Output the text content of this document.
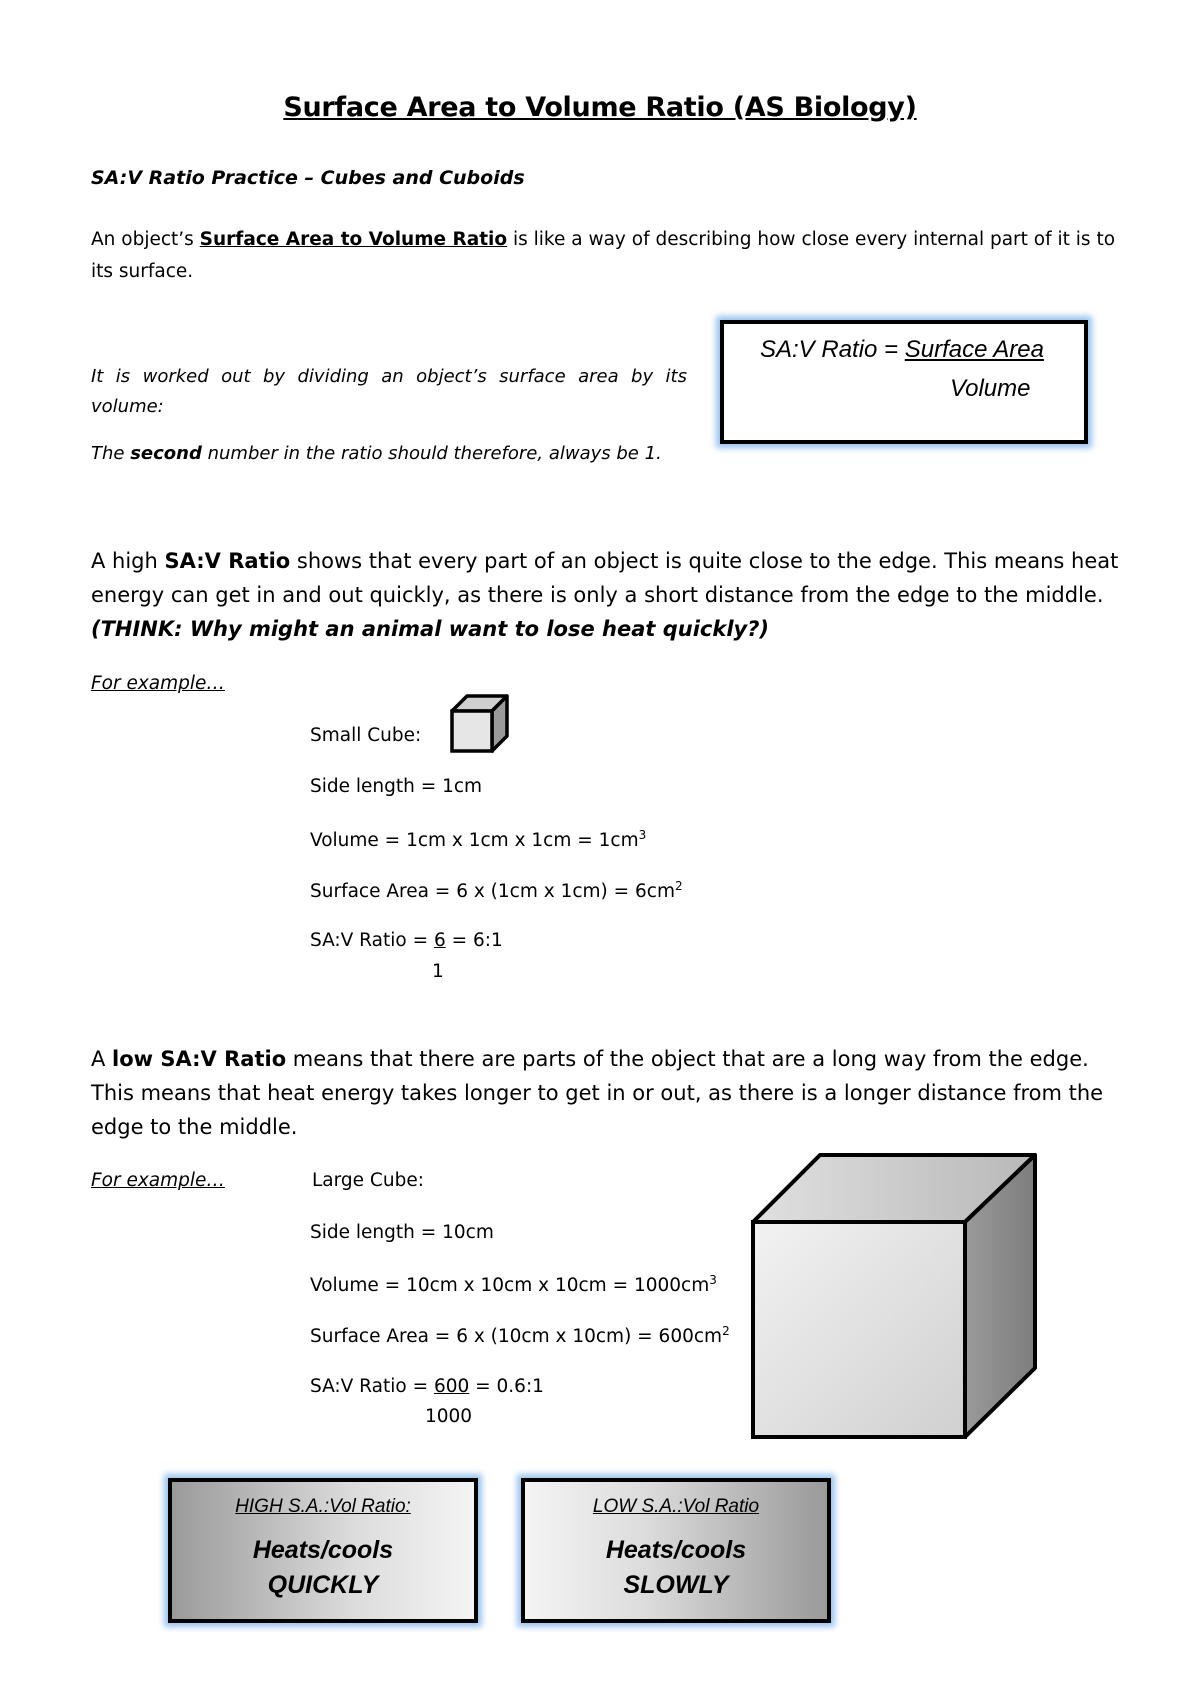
Surface Area to Volume Ratio (AS Biology)
SA:V Ratio Practice – Cubes and Cuboids
An object’s Surface Area to Volume Ratio is like a way of describing how close every internal part of it is to its surface.
It is worked out by dividing an object’s surface area by its volume:
The second number in the ratio should therefore, always be 1.
SA:V Ratio = Surface Area
Volume
A high SA:V Ratio shows that every part of an object is quite close to the edge. This means heat energy can get in and out quickly, as there is only a short distance from the edge to the middle.
(THINK: Why might an animal want to lose heat quickly?)
For example…
Small Cube:
Side length = 1cm
Volume = 1cm x 1cm x $1cm = 1cm^3$
Surface Area = 6 x (1cm x $1cm) = 6cm^2$
SA:V Ratio = 6 = 6:1
1
A low SA:V Ratio means that there are parts of the object that are a long way from the edge. This means that heat energy takes longer to get in or out, as there is a longer distance from the edge to the middle.
For example…	Large Cube:
Side length = 10cm
Volume = 10cm x 10cm x $10cm = 1000cm^3$
Surface Area = 6 x (10cm x $10cm) = 600cm^2$
SA:V Ratio = 600 = 0.6:1
1000
HIGH S.A.:Vol Ratio:
Heats/cools
QUICKLY
LOW S.A.:Vol Ratio
Heats/cools
SLOWLY
